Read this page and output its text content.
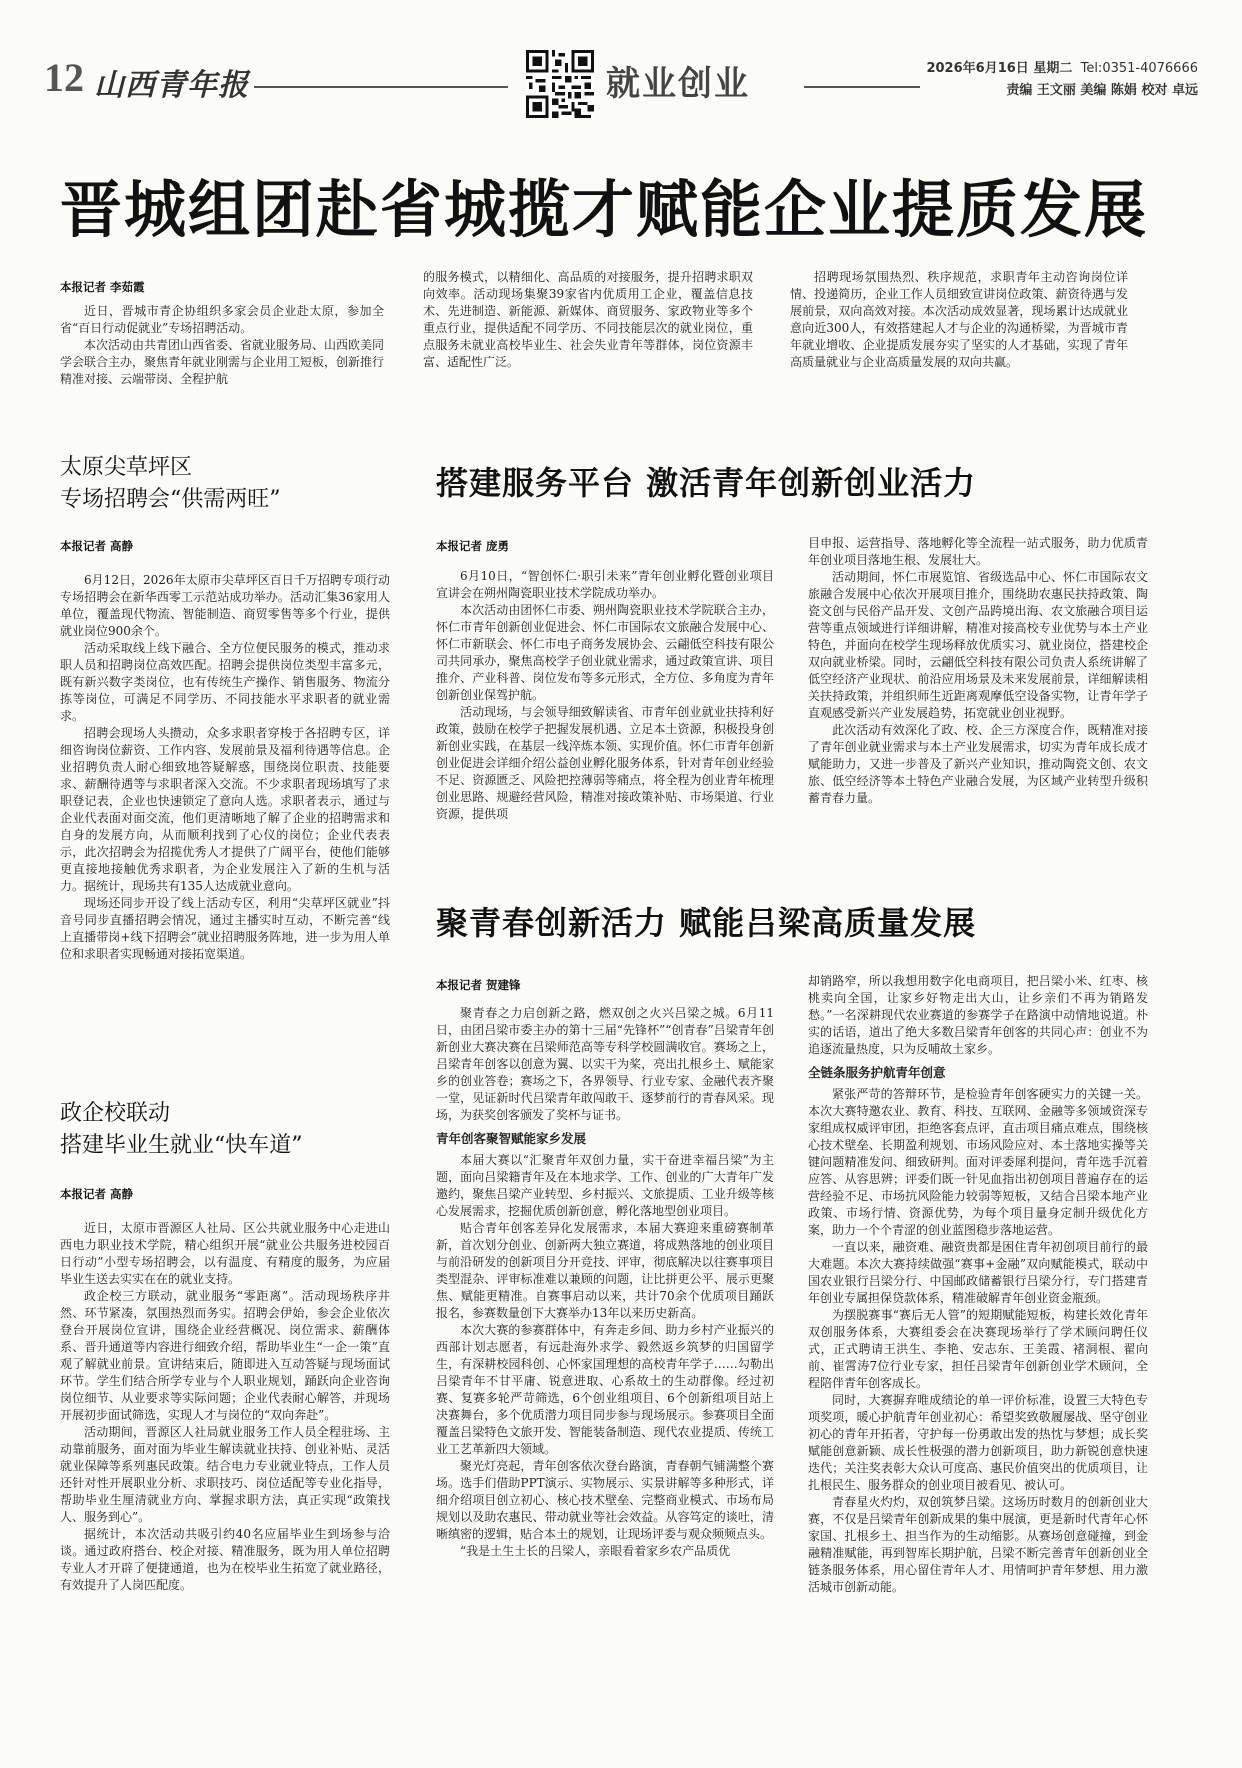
12 山西青年报	就业创业	2026年6月16日 星期二 Tel:0351-4076666
责编 王文丽 美编 陈娟 校对 卓远
晋城组团赴省城揽才赋能企业提质发展
本报记者 李茹霞

近日，晋城市青企协组织多家会员企业赴太原，参加全省“百日行动促就业”专场招聘活动。

本次活动由共青团山西省委、省就业服务局、山西欧美同学会联合主办，聚焦青年就业刚需与企业用工短板，创新推行精准对接、云端带岗、全程护航

的服务模式，以精细化、高品质的对接服务，提升招聘求职双向效率。活动现场集聚39家省内优质用工企业，覆盖信息技术、先进制造、新能源、新媒体、商贸服务、家政物业等多个重点行业，提供适配不同学历、不同技能层次的就业岗位，重点服务未就业高校毕业生、社会失业青年等群体，岗位资源丰富、适配性广泛。

招聘现场氛围热烈、秩序规范，求职青年主动咨询岗位详情、投递简历，企业工作人员细致宣讲岗位政策、薪资待遇与发展前景，双向高效对接。本次活动成效显著，现场累计达成就业意向近300人，有效搭建起人才与企业的沟通桥梁，为晋城市青年就业增收、企业提质发展夯实了坚实的人才基础，实现了青年高质量就业与企业高质量发展的双向共赢。

太原尖草坪区
专场招聘会“供需两旺”
本报记者 高静

6月12日，2026年太原市尖草坪区百日千万招聘专项行动专场招聘会在新华西零工示范站成功举办。活动汇集36家用人单位，覆盖现代物流、智能制造、商贸零售等多个行业，提供就业岗位900余个。

活动采取线上线下融合、全方位便民服务的模式，推动求职人员和招聘岗位高效匹配。招聘会提供岗位类型丰富多元，既有新兴数字类岗位，也有传统生产操作、销售服务、物流分拣等岗位，可满足不同学历、不同技能水平求职者的就业需求。

招聘会现场人头攒动，众多求职者穿梭于各招聘专区，详细咨询岗位薪资、工作内容、发展前景及福利待遇等信息。企业招聘负责人耐心细致地答疑解惑，围绕岗位职责、技能要求、薪酬待遇等与求职者深入交流。不少求职者现场填写了求职登记表，企业也快速锁定了意向人选。求职者表示，通过与企业代表面对面交流，他们更清晰地了解了企业的招聘需求和自身的发展方向，从而顺利找到了心仪的岗位；企业代表表示，此次招聘会为招揽优秀人才提供了广阔平台，使他们能够更直接地接触优秀求职者，为企业发展注入了新的生机与活力。据统计，现场共有135人达成就业意向。

现场还同步开设了线上活动专区，利用“尖草坪区就业”抖音号同步直播招聘会情况，通过主播实时互动，不断完善“线上直播带岗+线下招聘会”就业招聘服务阵地，进一步为用人单位和求职者实现畅通对接拓宽渠道。

政企校联动
搭建毕业生就业“快车道”
本报记者 高静

近日，太原市晋源区人社局、区公共就业服务中心走进山西电力职业技术学院，精心组织开展“就业公共服务进校园百日行动”小型专场招聘会，以有温度、有精度的服务，为应届毕业生送去实实在在的就业支持。

政企校三方联动，就业服务“零距离”。活动现场秩序井然、环节紧凑，氛围热烈而务实。招聘会伊始，参会企业依次登台开展岗位宣讲，围绕企业经营概况、岗位需求、薪酬体系、晋升通道等内容进行细致介绍，帮助毕业生“一企一策”直观了解就业前景。宣讲结束后，随即进入互动答疑与现场面试环节。学生们结合所学专业与个人职业规划，踊跃向企业咨询岗位细节、从业要求等实际问题；企业代表耐心解答，并现场开展初步面试筛选，实现人才与岗位的“双向奔赴”。

活动期间，晋源区人社局就业服务工作人员全程驻场、主动靠前服务，面对面为毕业生解读就业扶持、创业补贴、灵活就业保障等系列惠民政策。结合电力专业就业特点，工作人员还针对性开展职业分析、求职技巧、岗位适配等专业化指导，帮助毕业生厘清就业方向、掌握求职方法，真正实现“政策找人、服务到心”。

据统计，本次活动共吸引约40名应届毕业生到场参与洽谈。通过政府搭台、校企对接、精准服务，既为用人单位招聘专业人才开辟了便捷通道，也为在校毕业生拓宽了就业路径，有效提升了人岗匹配度。

搭建服务平台 激活青年创新创业活力
本报记者 庞勇

6月10日，“智创怀仁·职引未来”青年创业孵化暨创业项目宣讲会在朔州陶瓷职业技术学院成功举办。

本次活动由团怀仁市委、朔州陶瓷职业技术学院联合主办，怀仁市青年创新创业促进会、怀仁市国际农文旅融合发展中心、怀仁市新联会、怀仁市电子商务发展协会、云翩低空科技有限公司共同承办，聚焦高校学子创业就业需求，通过政策宣讲、项目推介、产业科普、岗位发布等多元形式，全方位、多角度为青年创新创业保驾护航。

活动现场，与会领导细致解读省、市青年创业就业扶持利好政策，鼓励在校学子把握发展机遇、立足本土资源，积极投身创新创业实践，在基层一线淬炼本领、实现价值。怀仁市青年创新创业促进会详细介绍公益创业孵化服务体系，针对青年创业经验不足、资源匮乏、风险把控薄弱等痛点，将全程为创业青年梳理创业思路、规避经营风险，精准对接政策补贴、市场渠道、行业资源，提供项

目申报、运营指导、落地孵化等全流程一站式服务，助力优质青年创业项目落地生根、发展壮大。

活动期间，怀仁市展览馆、省级选品中心、怀仁市国际农文旅融合发展中心依次开展项目推介，围绕助农惠民扶持政策、陶瓷文创与民俗产品开发、文创产品跨境出海、农文旅融合项目运营等重点领域进行详细讲解，精准对接高校专业优势与本土产业特色，并面向在校学生现场释放优质实习、就业岗位，搭建校企双向就业桥梁。同时，云翩低空科技有限公司负责人系统讲解了低空经济产业现状、前沿应用场景及未来发展前景，详细解读相关扶持政策，并组织师生近距离观摩低空设备实物，让青年学子直观感受新兴产业发展趋势，拓宽就业创业视野。

此次活动有效深化了政、校、企三方深度合作，既精准对接了青年创业就业需求与本土产业发展需求，切实为青年成长成才赋能助力，又进一步普及了新兴产业知识，推动陶瓷文创、农文旅、低空经济等本土特色产业融合发展，为区域产业转型升级积蓄青春力量。

聚青春创新活力 赋能吕梁高质量发展
本报记者 贺建锋

聚青春之力启创新之路，燃双创之火兴吕梁之城。6月11日，由团吕梁市委主办的第十三届“先锋杯”“创青春”吕梁青年创新创业大赛决赛在吕梁师范高等专科学校圆满收官。赛场之上，吕梁青年创客以创意为翼、以实干为桨，亮出扎根乡土、赋能家乡的创业答卷；赛场之下，各界领导、行业专家、金融代表齐聚一堂，见证新时代吕梁青年敢闯敢干、逐梦前行的青春风采。现场，为获奖创客颁发了奖杯与证书。

青年创客聚智赋能家乡发展

本届大赛以“汇聚青年双创力量，实干奋进幸福吕梁”为主题，面向吕梁籍青年及在本地求学、工作、创业的广大青年广发邀约，聚焦吕梁产业转型、乡村振兴、文旅提质、工业升级等核心发展需求，挖掘优质创新创意，孵化落地型创业项目。

贴合青年创客差异化发展需求，本届大赛迎来重磅赛制革新，首次划分创业、创新两大独立赛道，将成熟落地的创业项目与前沿研发的创新项目分开竞技、评审，彻底解决以往赛事项目类型混杂、评审标准难以兼顾的问题，让比拼更公平、展示更聚焦、赋能更精准。自赛事启动以来，共计70余个优质项目踊跃报名，参赛数量创下大赛举办13年以来历史新高。

本次大赛的参赛群体中，有奔走乡间、助力乡村产业振兴的西部计划志愿者，有远赴海外求学、毅然返乡筑梦的归国留学生，有深耕校园科创、心怀家国理想的高校青年学子……勾勒出吕梁青年不甘平庸、锐意进取、心系故土的生动群像。经过初赛、复赛多轮严苛筛选，6个创业组项目、6个创新组项目站上决赛舞台，多个优质潜力项目同步参与现场展示。参赛项目全面覆盖吕梁特色文旅开发、智能装备制造、现代农业提质、传统工业工艺革新四大领域。

聚光灯亮起，青年创客依次登台路演，青春朝气铺满整个赛场。选手们借助PPT演示、实物展示、实景讲解等多种形式，详细介绍项目创立初心、核心技术壁垒、完整商业模式、市场布局规划以及助农惠民、带动就业等社会效益。从容笃定的谈吐，清晰缜密的逻辑，贴合本土的规划，让现场评委与观众频频点头。

“我是土生土长的吕梁人，亲眼看着家乡农产品质优

却销路窄，所以我想用数字化电商项目，把吕梁小米、红枣、核桃卖向全国，让家乡好物走出大山，让乡亲们不再为销路发愁。”一名深耕现代农业赛道的参赛学子在路演中动情地说道。朴实的话语，道出了绝大多数吕梁青年创客的共同心声：创业不为追逐流量热度，只为反哺故土家乡。

全链条服务护航青年创意

紧张严苛的答辩环节，是检验青年创客硬实力的关键一关。本次大赛特邀农业、教育、科技、互联网、金融等多领域资深专家组成权威评审团，拒绝客套点评，直击项目痛点难点，围绕核心技术壁垒、长期盈利规划、市场风险应对、本土落地实操等关键问题精准发问、细致研判。面对评委犀利提问，青年选手沉着应答、从容思辨；评委们既一针见血指出初创项目普遍存在的运营经验不足、市场抗风险能力较弱等短板，又结合吕梁本地产业政策、市场行情、资源优势，为每个项目量身定制升级优化方案，助力一个个青涩的创业蓝图稳步落地运营。

一直以来，融资难、融资贵都是困住青年初创项目前行的最大难题。本次大赛持续做强“赛事+金融”双向赋能模式，联动中国农业银行吕梁分行、中国邮政储蓄银行吕梁分行，专门搭建青年创业专属担保贷款体系，精准破解青年创业资金瓶颈。

为摆脱赛事“赛后无人管”的短期赋能短板，构建长效化青年双创服务体系，大赛组委会在决赛现场举行了学术顾问聘任仪式，正式聘请王洪生、李艳、安志东、王美霞、褚洞根、翟向前、崔霄涛7位行业专家，担任吕梁青年创新创业学术顾问，全程陪伴青年创客成长。

同时，大赛摒弃唯成绩论的单一评价标准，设置三大特色专项奖项，暖心护航青年创业初心：希望奖致敬履屡战、坚守创业初心的青年开拓者，守护每一份勇敢出发的热忱与梦想；成长奖赋能创意新颖、成长性极强的潜力创新项目，助力新锐创意快速迭代；关注奖表彰大众认可度高、惠民价值突出的优质项目，让扎根民生、服务群众的创业项目被看见、被认可。

青春星火灼灼，双创筑梦吕梁。这场历时数月的创新创业大赛，不仅是吕梁青年创新成果的集中展演，更是新时代青年心怀家国、扎根乡土、担当作为的生动缩影。从赛场创意碰撞，到金融精准赋能，再到智库长期护航，吕梁不断完善青年创新创业全链条服务体系，用心留住青年人才、用情呵护青年梦想、用力激活城市创新动能。
